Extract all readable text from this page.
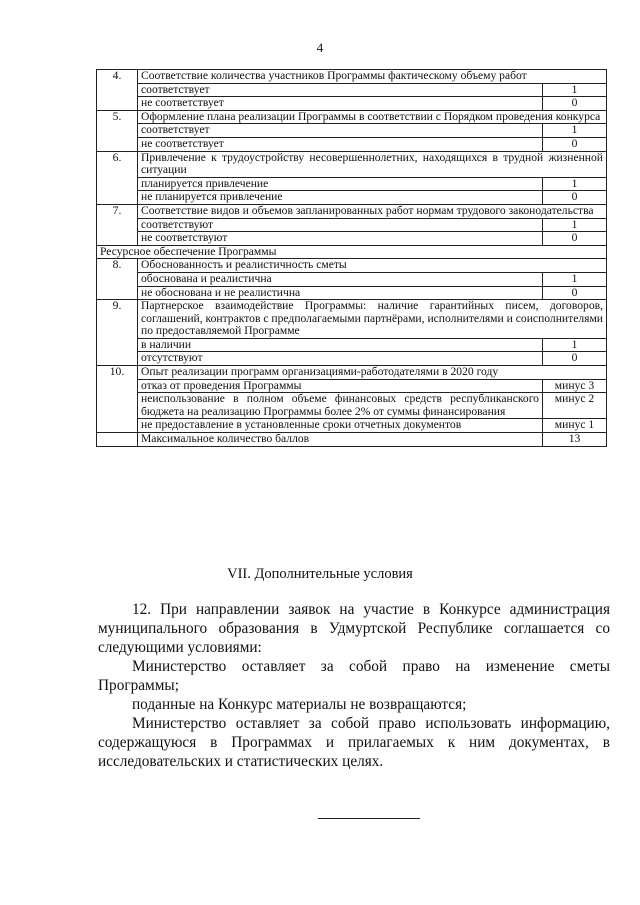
4
4.	Соответствие количества участников Программы фактическому объему работ	
	соответствует	1
	не соответствует	0
5.	Оформление плана реализации Программы в соответствии с Порядком проведения конкурса	
	соответствует	1
	не соответствует	0
6.	Привлечение к трудоустройству несовершеннолетних, находящихся в трудной жизненной ситуации	
	планируется привлечение	1
	не планируется привлечение	0
7.	Соответствие видов и объемов запланированных работ нормам трудового законодательства	
	соответствуют	1
	не соответствуют	0
Ресурсное обеспечение Программы		
8.	Обоснованность и реалистичность сметы	
	обоснована и реалистична	1
	не обоснована и не реалистична	0
9.	Партнерское взаимодействие Программы: наличие гарантийных писем, договоров, соглашений, контрактов с предполагаемыми партнёрами, исполнителями и соисполнителями по предоставляемой Программе	
	в наличии	1
	отсутствуют	0
10.	Опыт реализации программ организациями-работодателями в 2020 году	
	отказ от проведения Программы	минус 3
	неиспользование в полном объеме финансовых средств республиканского бюджета на реализацию Программы более 2% от суммы финансирования	минус 2
	не предоставление в установленные сроки отчетных документов	минус 1
	Максимальное количество баллов	13
VII. Дополнительные условия

12. При направлении заявок на участие в Конкурсе администрация муниципального образования в Удмуртской Республике соглашается со следующими условиями:

Министерство оставляет за собой право на изменение сметы Программы;

поданные на Конкурс материалы не возвращаются;

Министерство оставляет за собой право использовать информацию, содержащуюся в Программах и прилагаемых к ним документах, в исследовательских и статистических целях.
